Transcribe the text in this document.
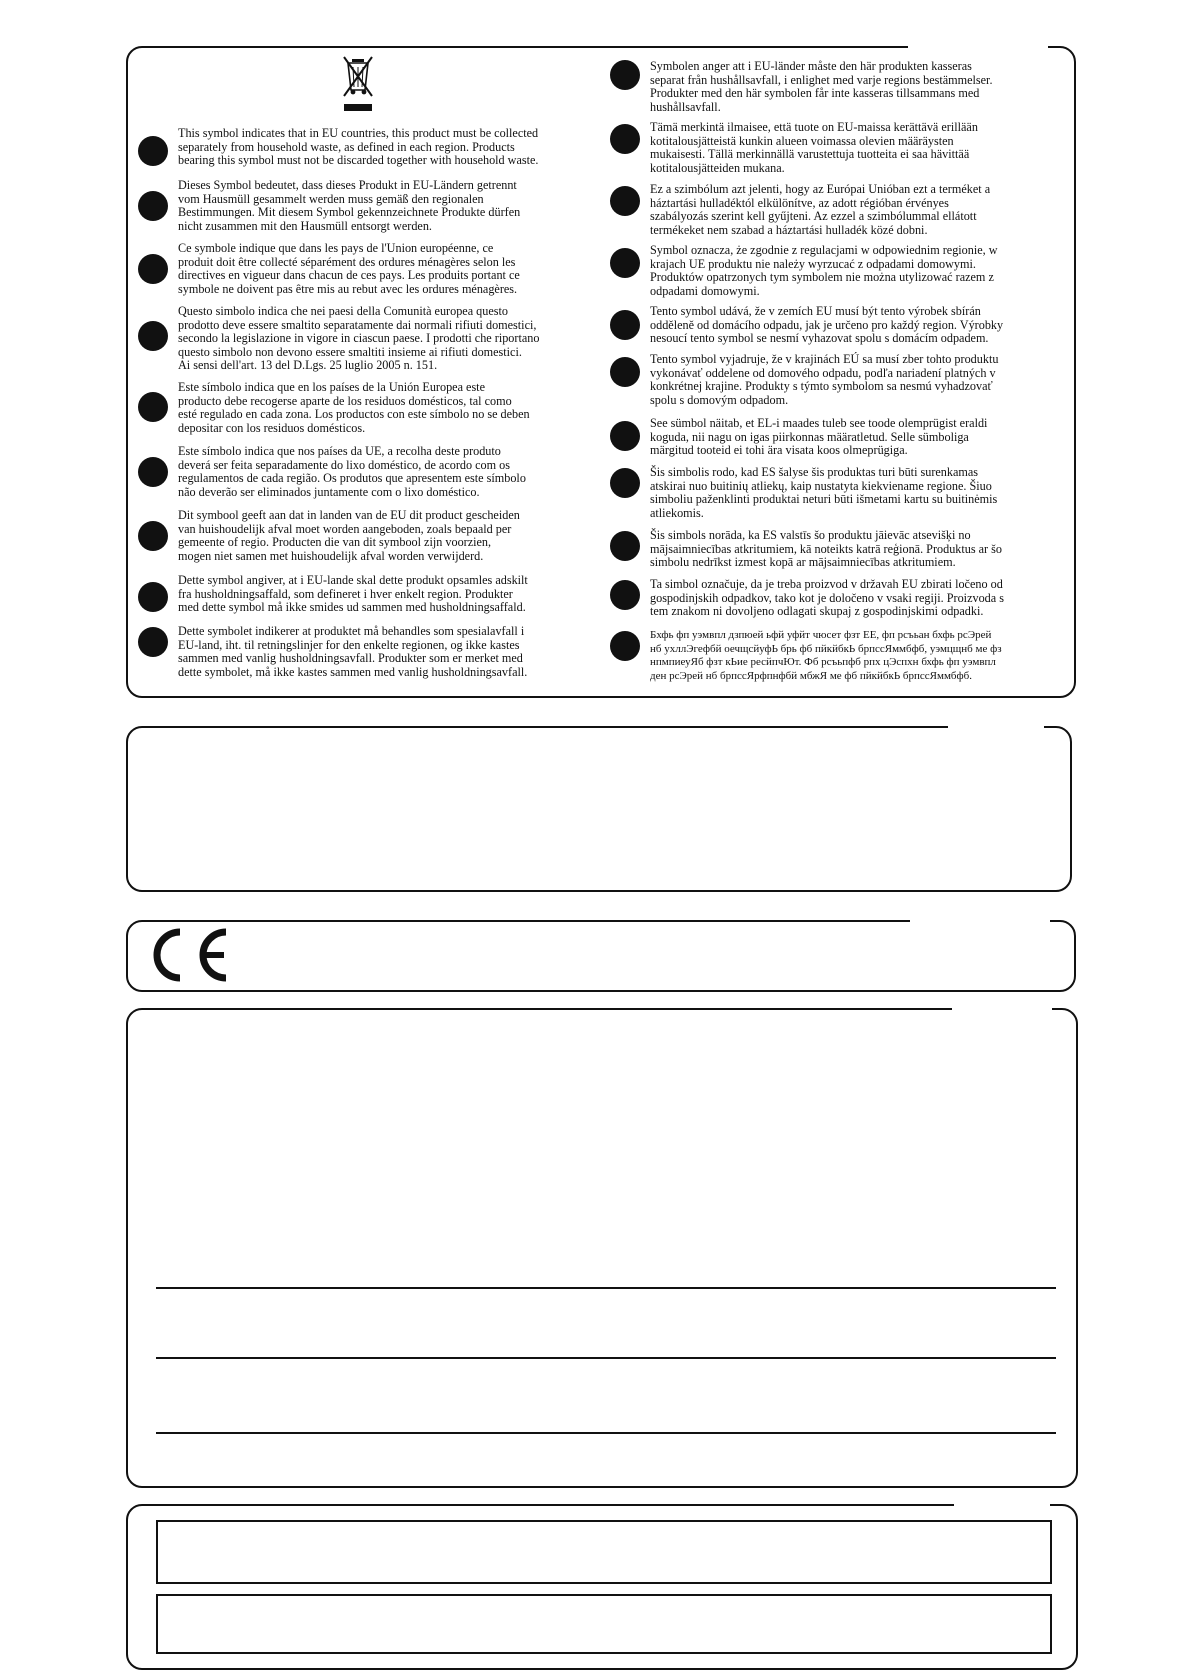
This symbol indicates that in EU countries, this product must be collected
separately from household waste, as defined in each region. Products
bearing this symbol must not be discarded together with household waste.
Dieses Symbol bedeutet, dass dieses Produkt in EU-Ländern getrennt
vom Hausmüll gesammelt werden muss gemäß den regionalen
Bestimmungen. Mit diesem Symbol gekennzeichnete Produkte dürfen
nicht zusammen mit den Hausmüll entsorgt werden.
Ce symbole indique que dans les pays de l'Union européenne, ce
produit doit être collecté séparément des ordures ménagères selon les
directives en vigueur dans chacun de ces pays. Les produits portant ce
symbole ne doivent pas être mis au rebut avec les ordures ménagères.
Questo simbolo indica che nei paesi della Comunità europea questo
prodotto deve essere smaltito separatamente dai normali rifiuti domestici,
secondo la legislazione in vigore in ciascun paese. I prodotti che riportano
questo simbolo non devono essere smaltiti insieme ai rifiuti domestici.
Ai sensi dell'art. 13 del D.Lgs. 25 luglio 2005 n. 151.
Este símbolo indica que en los países de la Unión Europea este
producto debe recogerse aparte de los residuos domésticos, tal como
esté regulado en cada zona. Los productos con este símbolo no se deben
depositar con los residuos domésticos.
Este símbolo indica que nos países da UE, a recolha deste produto
deverá ser feita separadamente do lixo doméstico, de acordo com os
regulamentos de cada região. Os produtos que apresentem este símbolo
não deverão ser eliminados juntamente com o lixo doméstico.
Dit symbool geeft aan dat in landen van de EU dit product gescheiden
van huishoudelijk afval moet worden aangeboden, zoals bepaald per
gemeente of regio. Producten die van dit symbool zijn voorzien,
mogen niet samen met huishoudelijk afval worden verwijderd.
Dette symbol angiver, at i EU-lande skal dette produkt opsamles adskilt
fra husholdningsaffald, som defineret i hver enkelt region. Produkter
med dette symbol må ikke smides ud sammen med husholdningsaffald.
Dette symbolet indikerer at produktet må behandles som spesialavfall i
EU-land, iht. til retningslinjer for den enkelte regionen, og ikke kastes
sammen med vanlig husholdningsavfall. Produkter som er merket med
dette symbolet, må ikke kastes sammen med vanlig husholdningsavfall.
Symbolen anger att i EU-länder måste den här produkten kasseras
separat från hushållsavfall, i enlighet med varje regions bestämmelser.
Produkter med den här symbolen får inte kasseras tillsammans med
hushållsavfall.
Tämä merkintä ilmaisee, että tuote on EU-maissa kerättävä erillään
kotitalousjätteistä kunkin alueen voimassa olevien määräysten
mukaisesti. Tällä merkinnällä varustettuja tuotteita ei saa hävittää
kotitalousjätteiden mukana.
Ez a szimbólum azt jelenti, hogy az Európai Unióban ezt a terméket a
háztartási hulladéktól elkülönítve, az adott régióban érvényes
szabályozás szerint kell gyűjteni. Az ezzel a szimbólummal ellátott
termékeket nem szabad a háztartási hulladék közé dobni.
Symbol oznacza, że zgodnie z regulacjami w odpowiednim regionie, w
krajach UE produktu nie należy wyrzucać z odpadami domowymi.
Produktów opatrzonych tym symbolem nie można utylizować razem z
odpadami domowymi.
Tento symbol udává, že v zemích EU musí být tento výrobek sbírán
odděleně od domácího odpadu, jak je určeno pro každý region. Výrobky
nesoucí tento symbol se nesmí vyhazovat spolu s domácím odpadem.
Tento symbol vyjadruje, že v krajinách EÚ sa musí zber tohto produktu
vykonávať oddelene od domového odpadu, podľa nariadení platných v
konkrétnej krajine. Produkty s týmto symbolom sa nesmú vyhadzovať
spolu s domovým odpadom.
See sümbol näitab, et EL-i maades tuleb see toode olemprügist eraldi
koguda, nii nagu on igas piirkonnas määratletud. Selle sümboliga
märgitud tooteid ei tohi ära visata koos olmeprügiga.
Šis simbolis rodo, kad ES šalyse šis produktas turi būti surenkamas
atskirai nuo buitinių atliekų, kaip nustatyta kiekviename regione. Šiuo
simboliu paženklinti produktai neturi būti išmetami kartu su buitinėmis
atliekomis.
Šis simbols norāda, ka ES valstīs šo produktu jāievāc atsevišķi no
mājsaimniecības atkritumiem, kā noteikts katrā reģionā. Produktus ar šo
simbolu nedrīkst izmest kopā ar mājsaimniecības atkritumiem.
Ta simbol označuje, da je treba proizvod v državah EU zbirati ločeno od
gospodinjskih odpadkov, tako kot je določeno v vsaki regiji. Proizvoda s
tem znakom ni dovoljeno odlagati skupaj z gospodinjskimi odpadki.
Бхфь фп уэмвпл дзпюей ьфй уфйт чюсет фзт ЕЕ, фп рсъьан бхфь рсЭрей
нб ухллЭгефбй оечщсйуфЬ брь фб пйкйбкЬ брпссЯммбфб, уэмцщнб ме фз
нпмпиеуЯб фзт кЬие ресйпчЮт. Фб рсъьпфб рпх цЭспхн бхфь фп уэмвпл
ден рсЭрей нб брпссЯрфпнфбй мбжЯ ме фб пйкйбкЬ брпссЯммбфб.
